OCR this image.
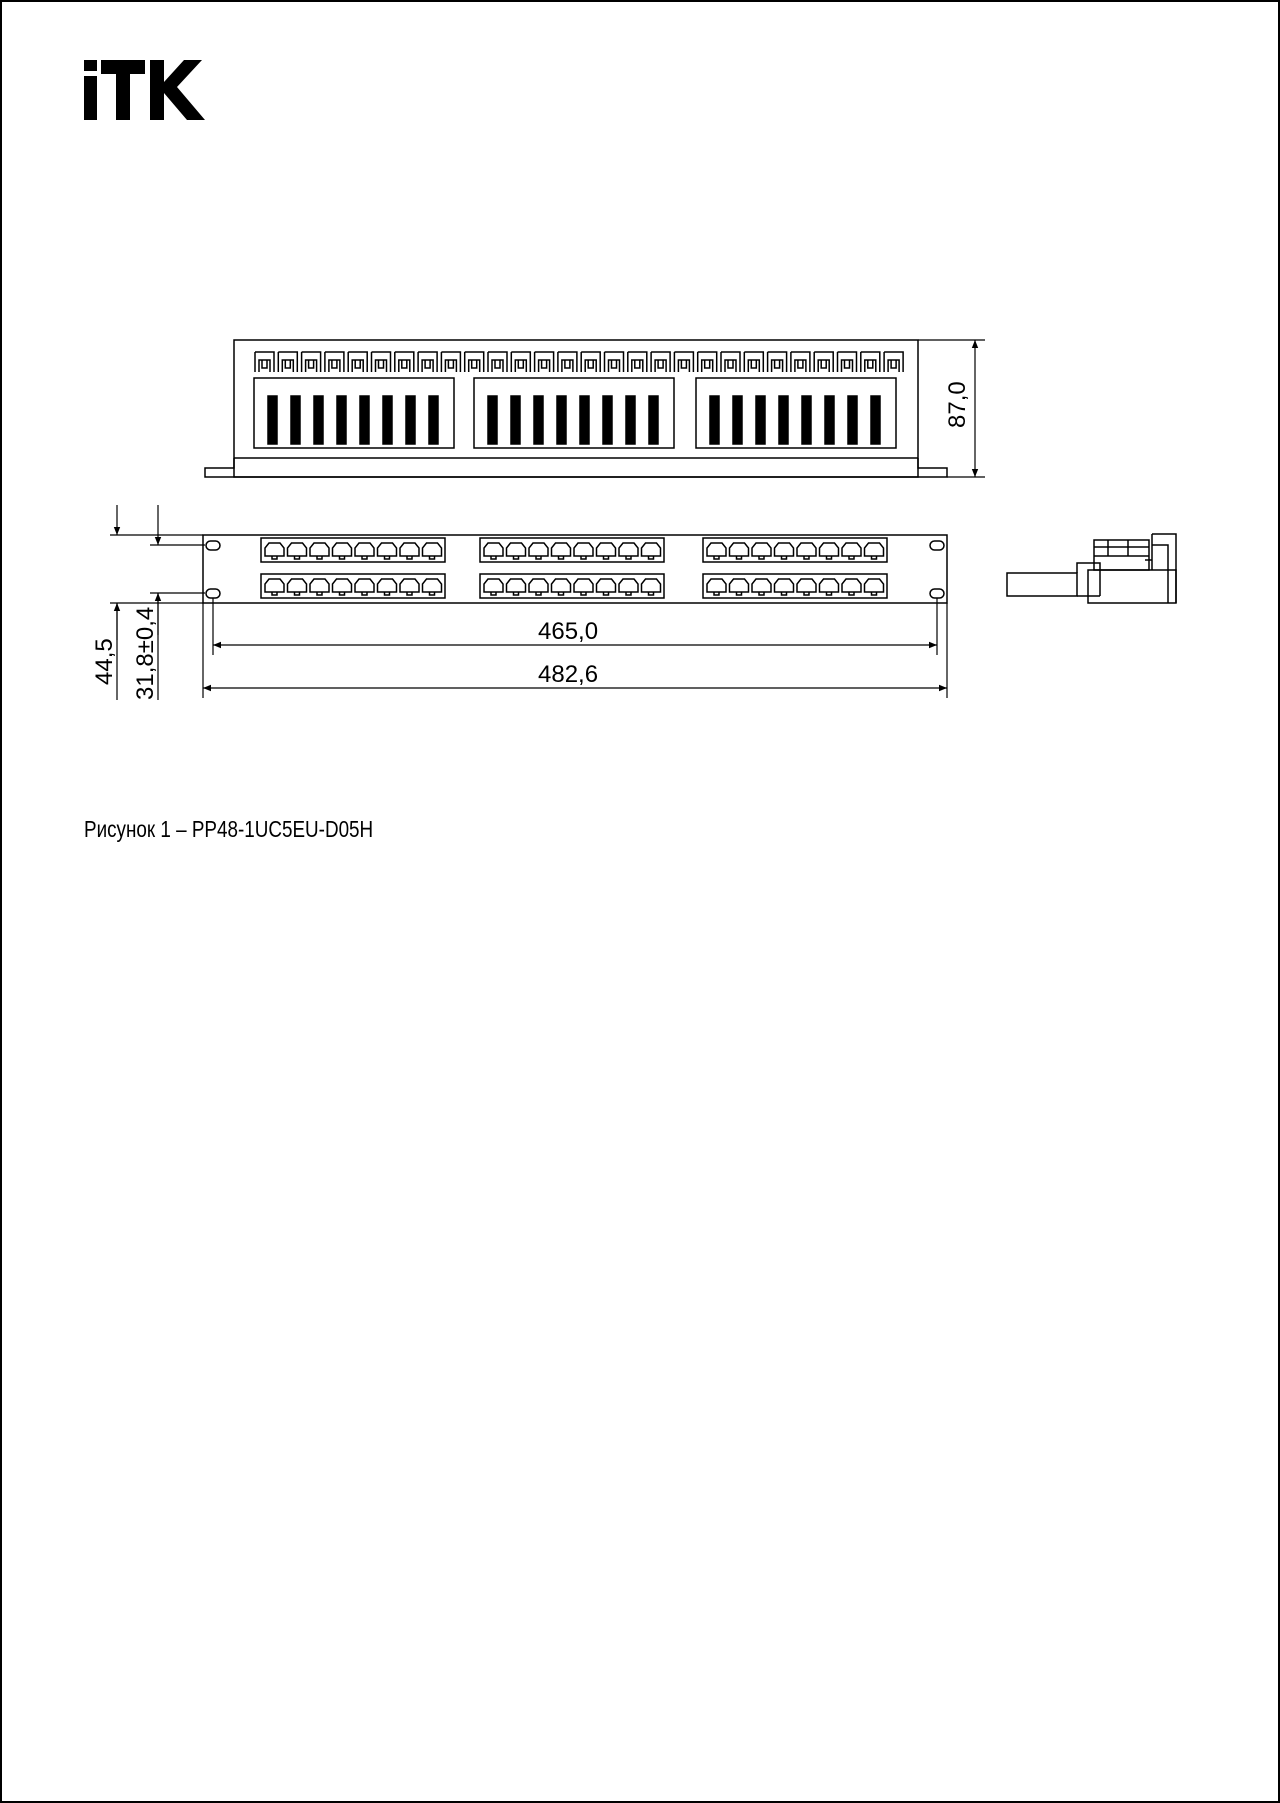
87,0
44,5 31,8±0,4	465,0
482,6
Рисунок 1 – PP48-1UC5EU-D05H
